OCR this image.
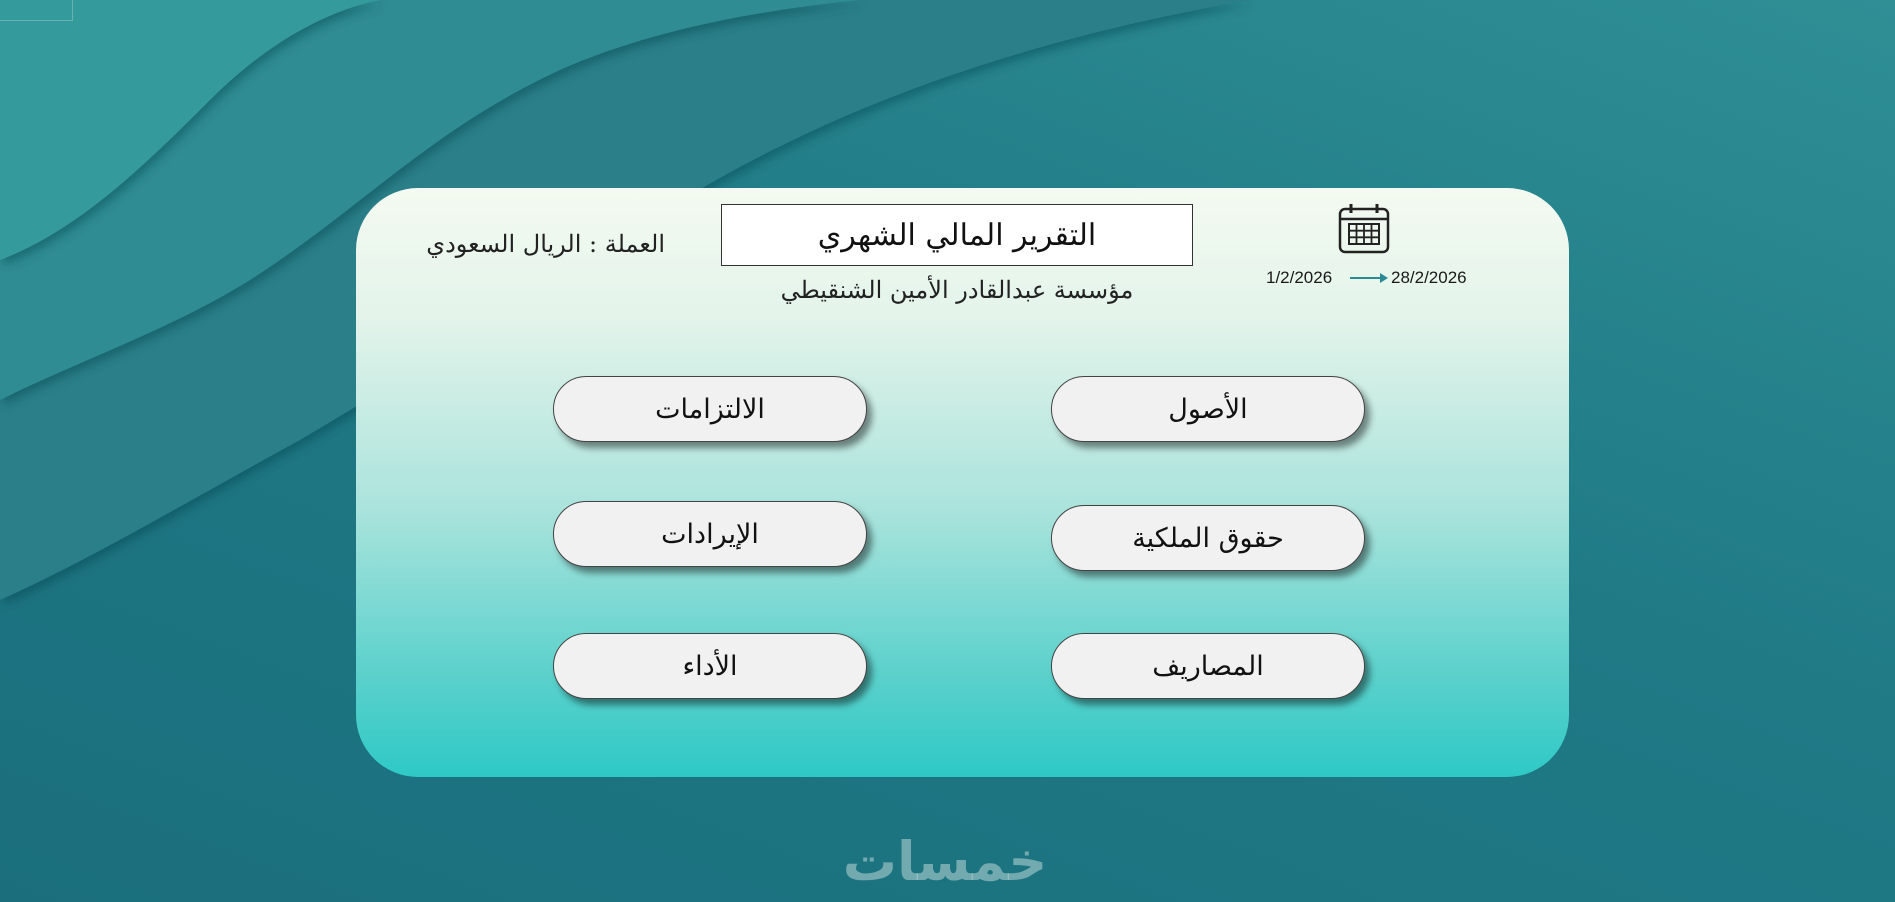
التقرير المالي الشهري
مؤسسة عبدالقادر الأمين الشنقيطي
العملة : الريال السعودي
1/2/2026	28/2/2026
الأصول
الالتزامات
حقوق الملكية
الإيرادات
المصاريف
الأداء
خمسات
